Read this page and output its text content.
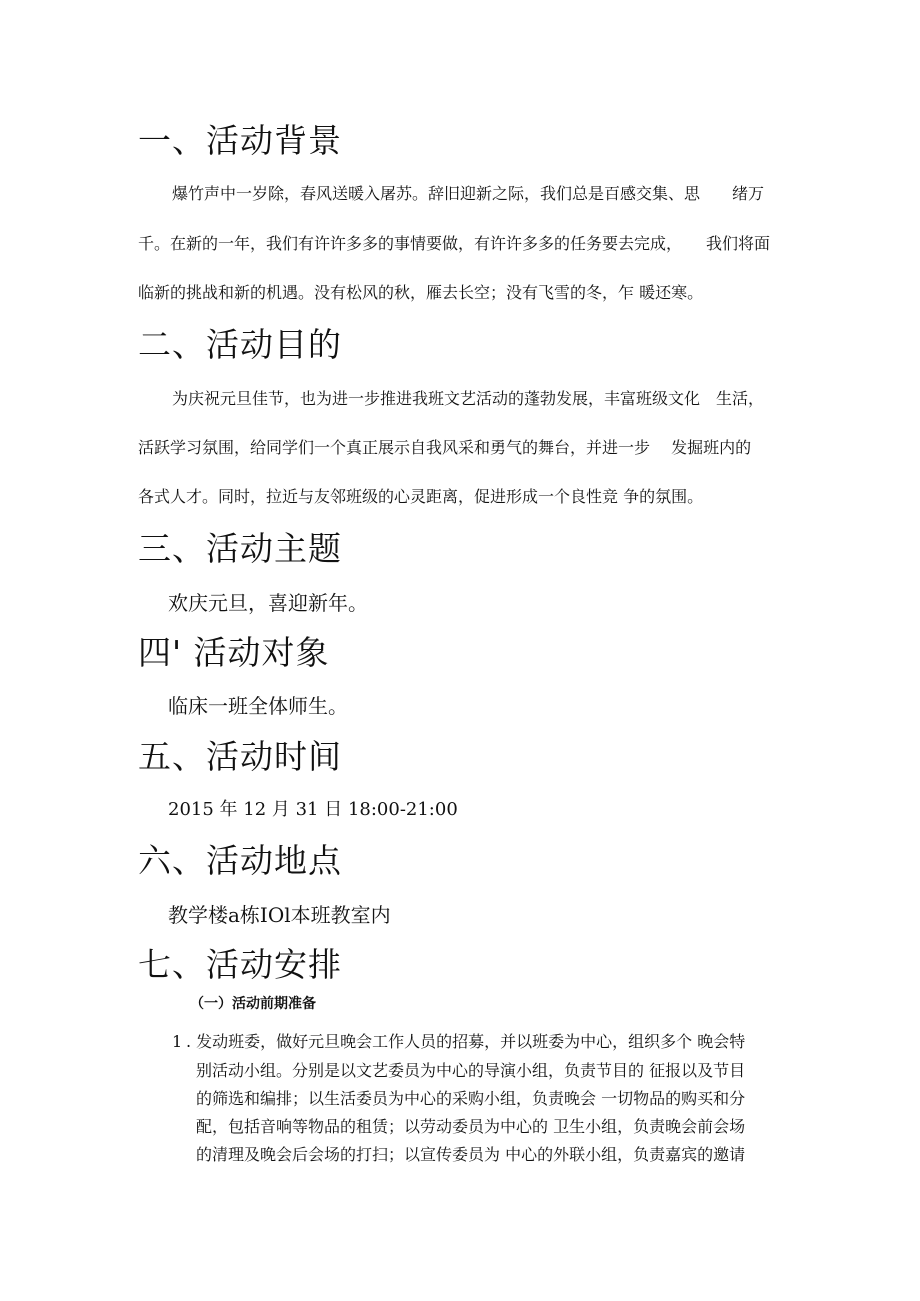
一、活动背景
爆竹声中一岁除，春风送暖入屠苏。辞旧迎新之际，我们总是百感交集、思　　绪万
千。在新的一年，我们有许许多多的事情要做，有许许多多的任务要去完成，　　我们将面
临新的挑战和新的机遇。没有松风的秋，雁去长空；没有飞雪的冬，乍 暖还寒。
二、活动目的
为庆祝元旦佳节，也为进一步推进我班文艺活动的蓬勃发展，丰富班级文化　生活，
活跃学习氛围，给同学们一个真正展示自我风采和勇气的舞台，并进一步　 发掘班内的
各式人才。同时，拉近与友邻班级的心灵距离，促进形成一个良性竞 争的氛围。
三、活动主题
欢庆元旦，喜迎新年。
四' 活动对象
临床一班全体师生。
五、活动时间
2015 年 12 月 31 日 18:00-21:00
六、活动地点
教学楼a栋IOl本班教室内
七、活动安排
（一）活动前期准备
1 . 发动班委，做好元旦晚会工作人员的招募，并以班委为中心，组织多个 晚会特
别活动小组。分别是以文艺委员为中心的导演小组，负责节目的 征报以及节目
的筛选和编排；以生活委员为中心的采购小组，负责晚会 一切物品的购买和分
配，包括音响等物品的租赁；以劳动委员为中心的 卫生小组，负责晚会前会场
的清理及晚会后会场的打扫；以宣传委员为 中心的外联小组，负责嘉宾的邀请
